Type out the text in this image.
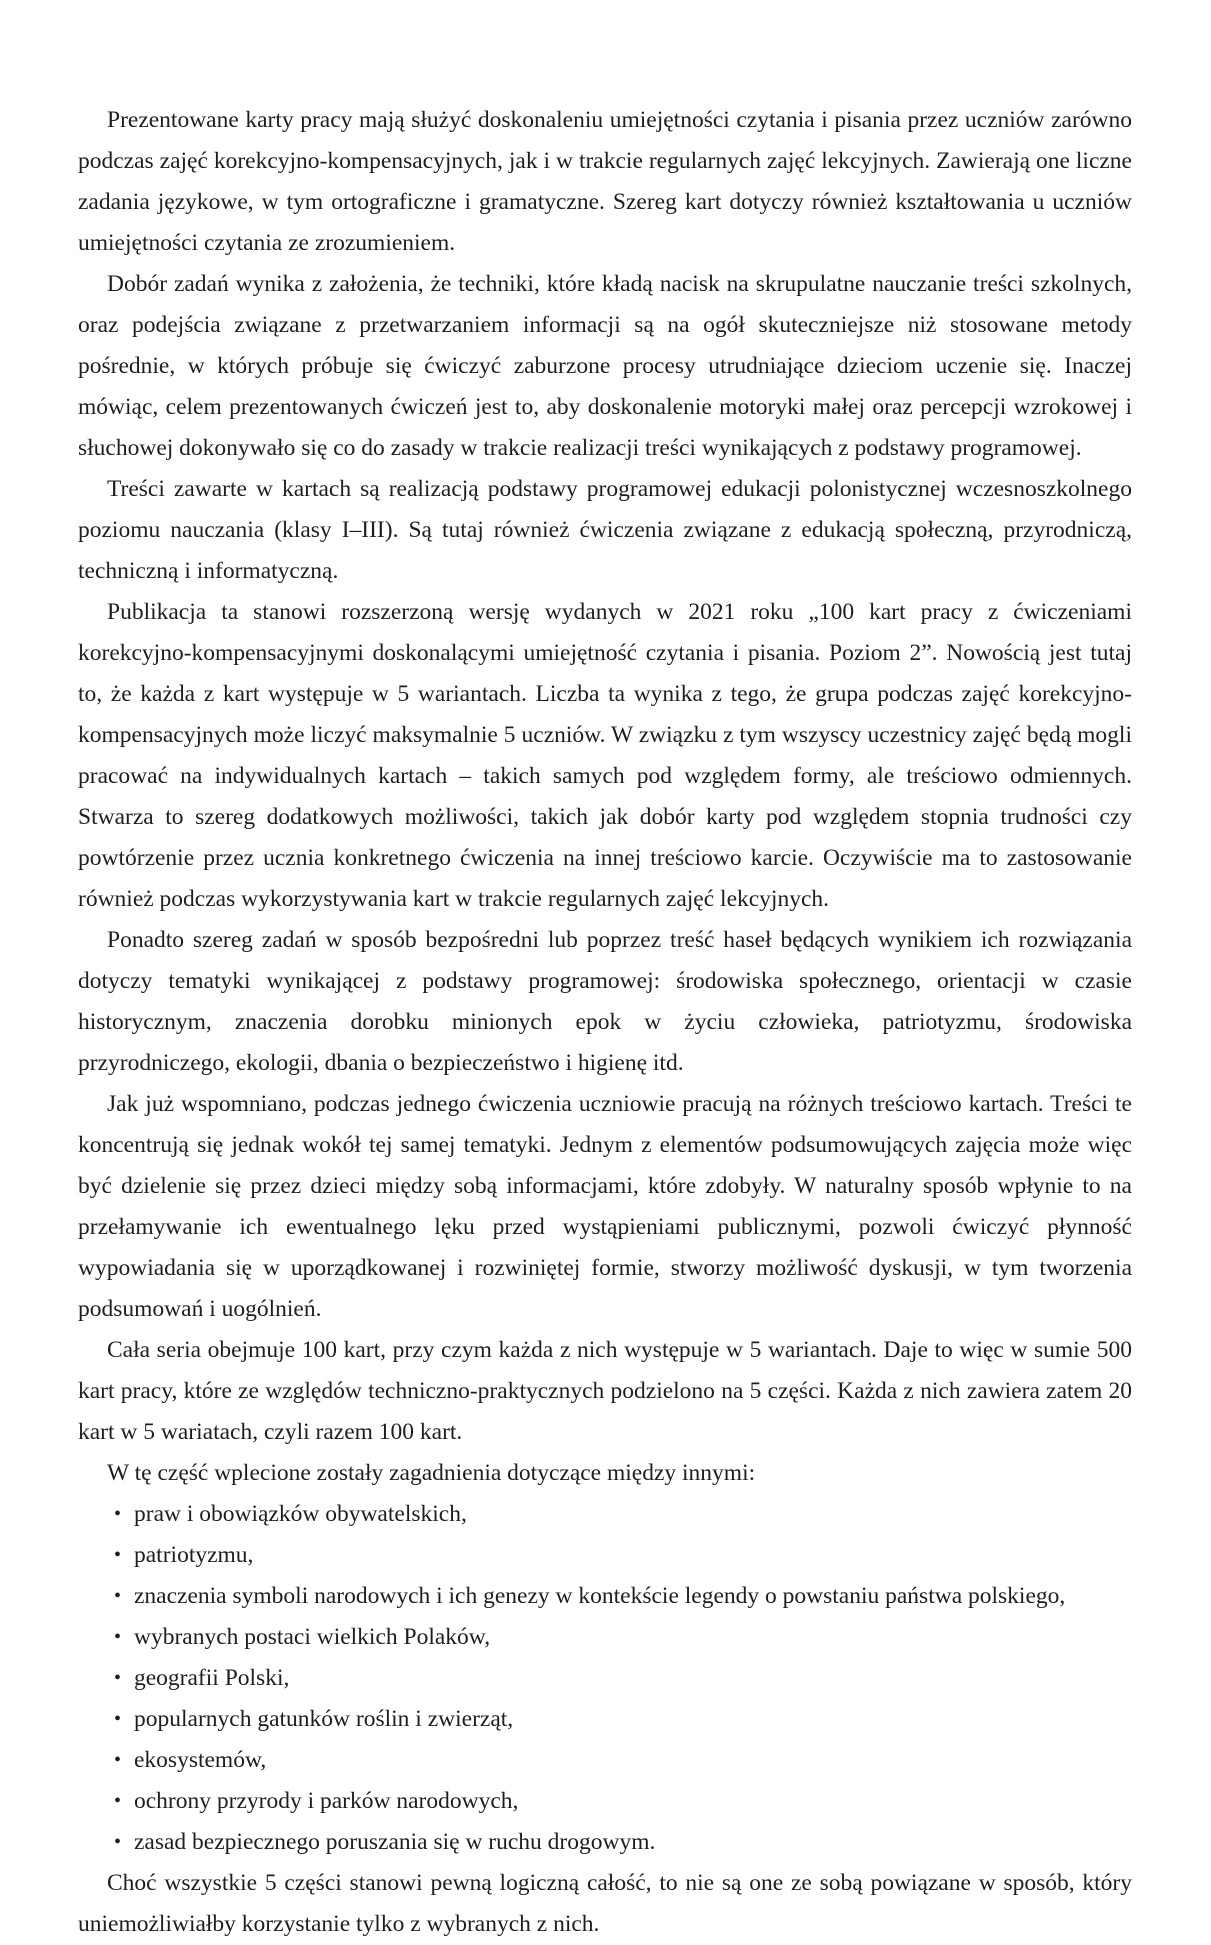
Prezentowane karty pracy mają służyć doskonaleniu umiejętności czytania i pisania przez uczniów zarówno podczas zajęć korekcyjno-kompensacyjnych, jak i w trakcie regularnych zajęć lekcyjnych. Zawierają one liczne zadania językowe, w tym ortograficzne i gramatyczne. Szereg kart dotyczy również kształtowania u uczniów umiejętności czytania ze zrozumieniem.

Dobór zadań wynika z założenia, że techniki, które kładą nacisk na skrupulatne nauczanie treści szkolnych, oraz podejścia związane z przetwarzaniem informacji są na ogół skuteczniejsze niż stosowane metody pośrednie, w których próbuje się ćwiczyć zaburzone procesy utrudniające dzieciom uczenie się. Inaczej mówiąc, celem prezentowanych ćwiczeń jest to, aby doskonalenie motoryki małej oraz percepcji wzrokowej i słuchowej dokonywało się co do zasady w trakcie realizacji treści wynikających z podstawy programowej.

Treści zawarte w kartach są realizacją podstawy programowej edukacji polonistycznej wczesnoszkolnego poziomu nauczania (klasy I–III). Są tutaj również ćwiczenia związane z edukacją społeczną, przyrodniczą, techniczną i informatyczną.

Publikacja ta stanowi rozszerzoną wersję wydanych w 2021 roku „100 kart pracy z ćwiczeniami korekcyjno-kompensacyjnymi doskonalącymi umiejętność czytania i pisania. Poziom 2”. Nowością jest tutaj to, że każda z kart występuje w 5 wariantach. Liczba ta wynika z tego, że grupa podczas zajęć korekcyjno-kompensacyjnych może liczyć maksymalnie 5 uczniów. W związku z tym wszyscy uczestnicy zajęć będą mogli pracować na indywidualnych kartach – takich samych pod względem formy, ale treściowo odmiennych. Stwarza to szereg dodatkowych możliwości, takich jak dobór karty pod względem stopnia trudności czy powtórzenie przez ucznia konkretnego ćwiczenia na innej treściowo karcie. Oczywiście ma to zastosowanie również podczas wykorzystywania kart w trakcie regularnych zajęć lekcyjnych.

Ponadto szereg zadań w sposób bezpośredni lub poprzez treść haseł będących wynikiem ich rozwiązania dotyczy tematyki wynikającej z podstawy programowej: środowiska społecznego, orientacji w czasie historycznym, znaczenia dorobku minionych epok w życiu człowieka, patriotyzmu, środowiska przyrodniczego, ekologii, dbania o bezpieczeństwo i higienę itd.

Jak już wspomniano, podczas jednego ćwiczenia uczniowie pracują na różnych treściowo kartach. Treści te koncentrują się jednak wokół tej samej tematyki. Jednym z elementów podsumowujących zajęcia może więc być dzielenie się przez dzieci między sobą informacjami, które zdobyły. W naturalny sposób wpłynie to na przełamywanie ich ewentualnego lęku przed wystąpieniami publicznymi, pozwoli ćwiczyć płynność wypowiadania się w uporządkowanej i rozwiniętej formie, stworzy możliwość dyskusji, w tym tworzenia podsumowań i uogólnień.

Cała seria obejmuje 100 kart, przy czym każda z nich występuje w 5 wariantach. Daje to więc w sumie 500 kart pracy, które ze względów techniczno-praktycznych podzielono na 5 części. Każda z nich zawiera zatem 20 kart w 5 wariatach, czyli razem 100 kart.

W tę część wplecione zostały zagadnienia dotyczące między innymi:

• praw i obowiązków obywatelskich,
• patriotyzmu,
• znaczenia symboli narodowych i ich genezy w kontekście legendy o powstaniu państwa polskiego,
• wybranych postaci wielkich Polaków,
• geografii Polski,
• popularnych gatunków roślin i zwierząt,
• ekosystemów,
• ochrony przyrody i parków narodowych,
• zasad bezpiecznego poruszania się w ruchu drogowym.

Choć wszystkie 5 części stanowi pewną logiczną całość, to nie są one ze sobą powiązane w sposób, który uniemożliwiałby korzystanie tylko z wybranych z nich.
